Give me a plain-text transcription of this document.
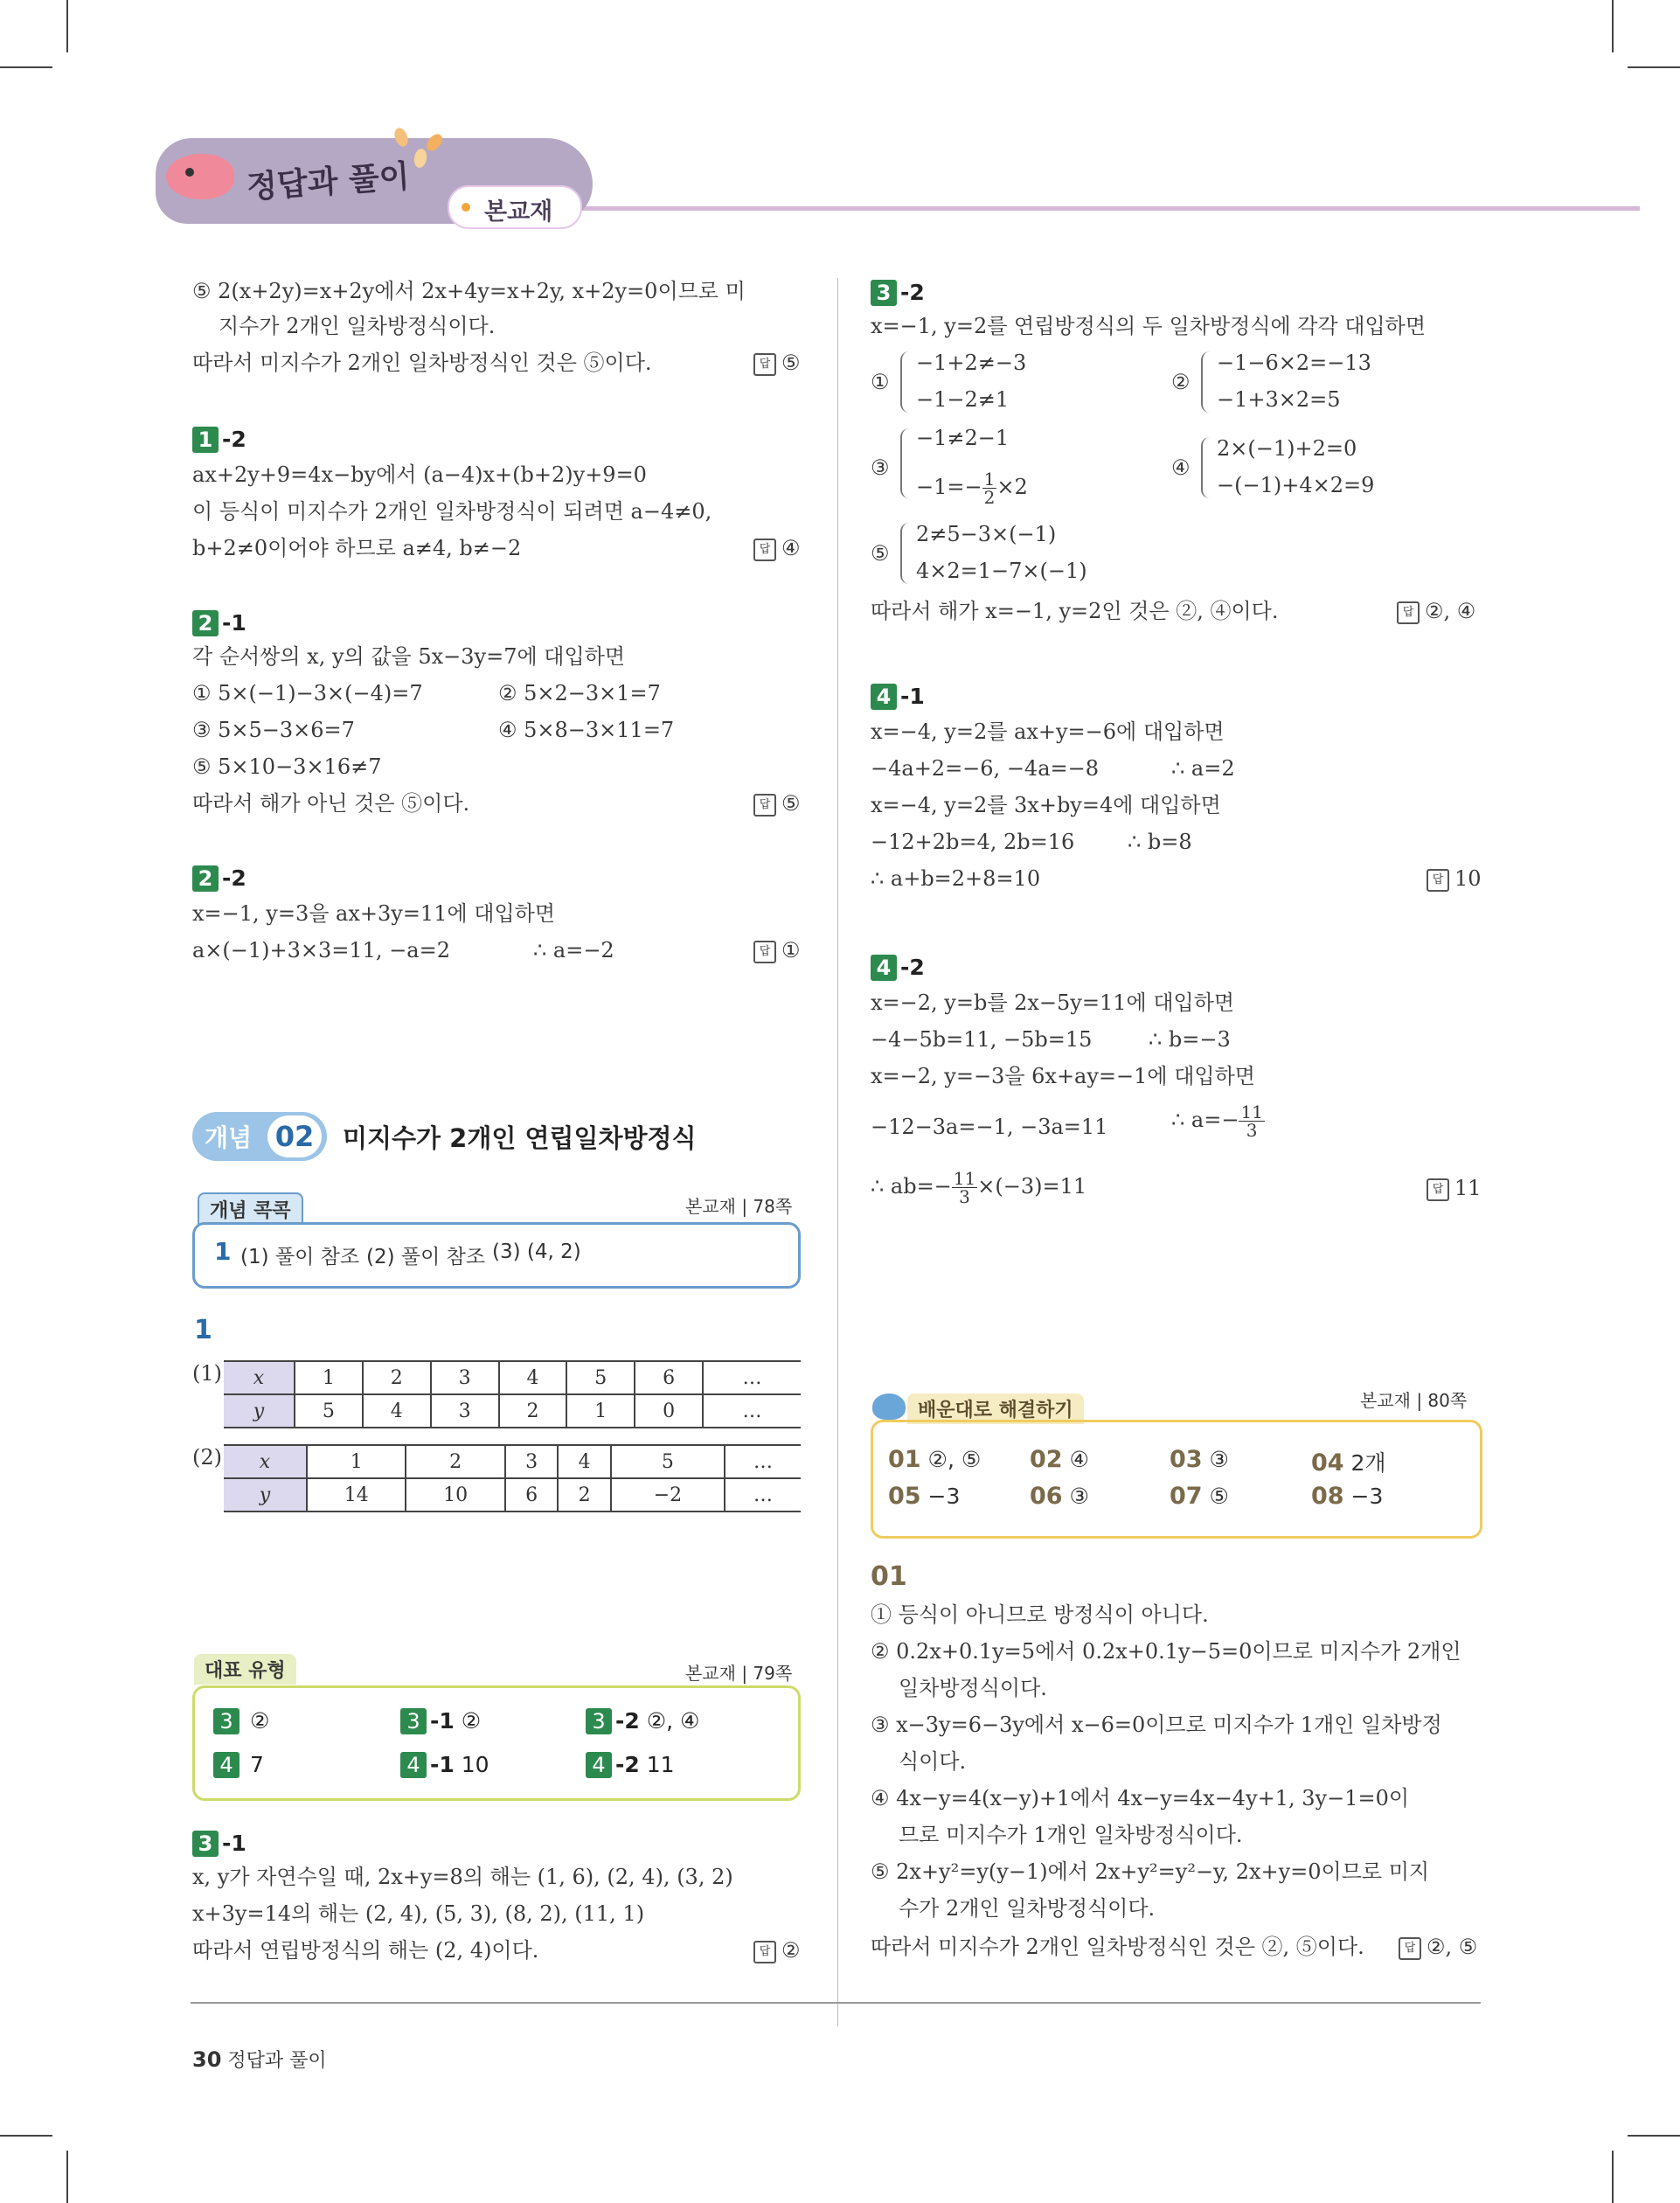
정답과 풀이
본교재
⑤ 2(x+2y)=x+2y에서 2x+4y=x+2y, x+2y=0이므로 미
지수가 2개인 일차방정식이다.
따라서 미지수가 2개인 일차방정식인 것은 ⑤이다.	답 ⑤
1 -2
ax+2y+9=4x−by에서 (a−4)x+(b+2)y+9=0
이 등식이 미지수가 2개인 일차방정식이 되려면 a−4≠0,
b+2≠0이어야 하므로 a≠4, b≠−2	답 ④
2 -1
각 순서쌍의 x, y의 값을 5x−3y=7에 대입하면
① 5×(−1)−3×(−4)=7	② 5×2−3×1=7
③ 5×5−3×6=7	④ 5×8−3×11=7
⑤ 5×10−3×16≠7
따라서 해가 아닌 것은 ⑤이다.	답 ⑤
2 -2
x=−1, y=3을 ax+3y=11에 대입하면
a×(−1)+3×3=11, −a=2	∴ a=−2	답 ①
개념 02	미지수가 2개인 연립일차방정식
개념 콕콕	본교재 | 78쪽
1 (1) 풀이 참조 (2) 풀이 참조 (3) (4, 2)
1
(1) x	1	2	3	4	5	6	…
y	5	4	3	2	1	0	…
(2) x	1	2	3	4	5	…
y	14	10	6	2	−2	…
대표 유형	본교재 | 79쪽
3 ②	3 -1 ②	3 -2 ②, ④
4 7	4 -1 10	4 -2 11
3 -1
x, y가 자연수일 때, 2x+y=8의 해는 (1, 6), (2, 4), (3, 2)
x+3y=14의 해는 (2, 4), (5, 3), (8, 2), (11, 1)
따라서 연립방정식의 해는 (2, 4)이다.	답 ②
3 -2
x=−1, y=2를 연립방정식의 두 일차방정식에 각각 대입하면
①
−1+2≠−3
−1−2≠1
②
−1−6×2=−13
−1+3×2=5
③
−1≠2−1
$-1=- \frac{1}{2} \times 2$
④
2×(−1)+2=0
−(−1)+4×2=9
⑤
2≠5−3×(−1)
4×2=1−7×(−1)
따라서 해가 x=−1, y=2인 것은 ②, ④이다.	답 ②, ④
4 -1
x=−4, y=2를 ax+y=−6에 대입하면
−4a+2=−6, −4a=−8	∴ a=2
x=−4, y=2를 3x+by=4에 대입하면
−12+2b=4, 2b=16	∴ b=8
∴ a+b=2+8=10	답 10
4 -2
x=−2, y=b를 2x−5y=11에 대입하면
−4−5b=11, −5b=15	∴ b=−3
x=−2, y=−3을 6x+ay=−1에 대입하면
−12−3a=−1, −3a=11	∴ $a=- \frac{11}{3}$
∴ $ab=- \frac{11}{3} \times(-3)=11$	답 11
배운대로 해결하기	본교재 | 80쪽
01 ②, ⑤ 02 ④	03 ③	04 2개
05 −3	06 ③	07 ⑤	08 −3
01
① 등식이 아니므로 방정식이 아니다.
② 0.2x+0.1y=5에서 0.2x+0.1y−5=0이므로 미지수가 2개인
일차방정식이다.
③ x−3y=6−3y에서 x−6=0이므로 미지수가 1개인 일차방정
식이다.
④ 4x−y=4(x−y)+1에서 4x−y=4x−4y+1, 3y−1=0이
므로 미지수가 1개인 일차방정식이다.
⑤ 2x+y²=y(y−1)에서 2x+y²=y²−y, 2x+y=0이므로 미지
수가 2개인 일차방정식이다.
따라서 미지수가 2개인 일차방정식인 것은 ②, ⑤이다.	답 ②, ⑤
30 정답과 풀이
